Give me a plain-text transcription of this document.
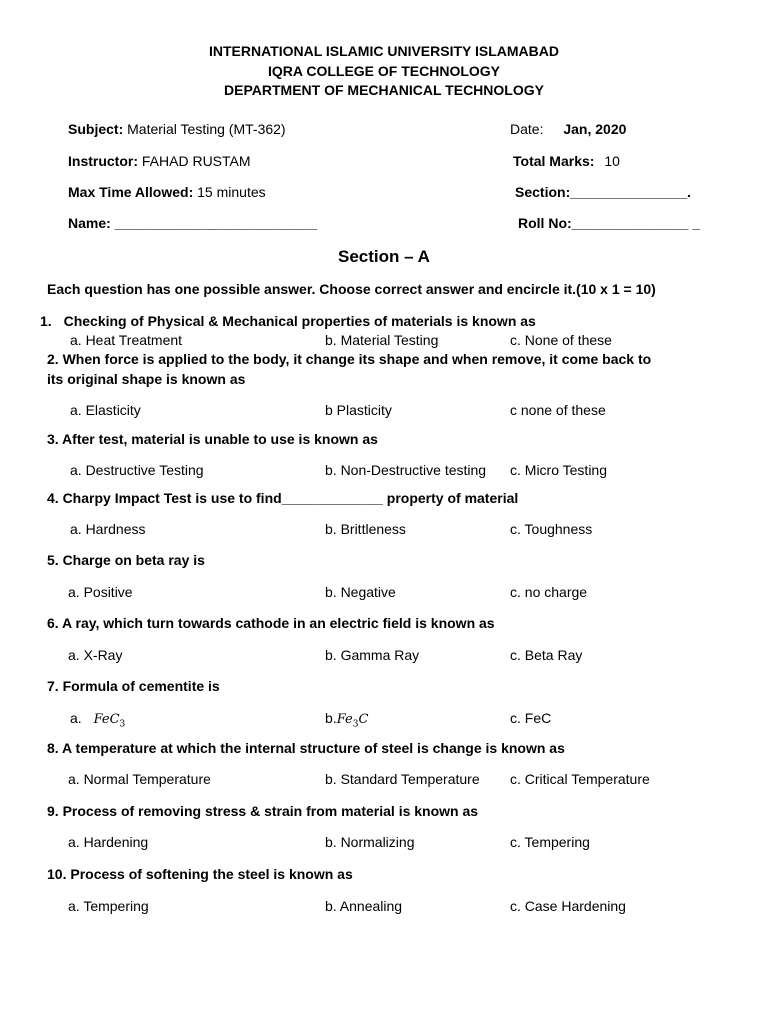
INTERNATIONAL ISLAMIC UNIVERSITY ISLAMABAD
IQRA COLLEGE OF TECHNOLOGY
DEPARTMENT OF MECHANICAL TECHNOLOGY
Subject: Material Testing (MT-362)	Date: Jan, 2020
Instructor: FAHAD RUSTAM	Total Marks: 10
Max Time Allowed: 15 minutes	Section:_______________.
Name: __________________________	Roll No:_______________ _
Section – A
Each question has one possible answer. Choose correct answer and encircle it.(10 x 1 = 10)
1. Checking of Physical & Mechanical properties of materials is known as
a. Heat Treatment	b. Material Testing	c. None of these
2. When force is applied to the body, it change its shape and when remove, it come back to
its original shape is known as
a. Elasticity	b Plasticity	c none of these
3. After test, material is unable to use is known as
a. Destructive Testing	b. Non-Destructive testing c. Micro Testing
4. Charpy Impact Test is use to find_____________ property of material
a. Hardness	b. Brittleness	c. Toughness
5. Charge on beta ray is
a. Positive	b. Negative	c. no charge
6. A ray, which turn towards cathode in an electric field is known as
a. X-Ray	b. Gamma Ray	c. Beta Ray
7. Formula of cementite is
a. FeC$_3$	$b.Fe_3C$	c. FeC
8. A temperature at which the internal structure of steel is change is known as
a. Normal Temperature	b. Standard Temperature c. Critical Temperature
9. Process of removing stress & strain from material is known as
a. Hardening	b. Normalizing	c. Tempering
10. Process of softening the steel is known as
a. Tempering	b. Annealing	c. Case Hardening
